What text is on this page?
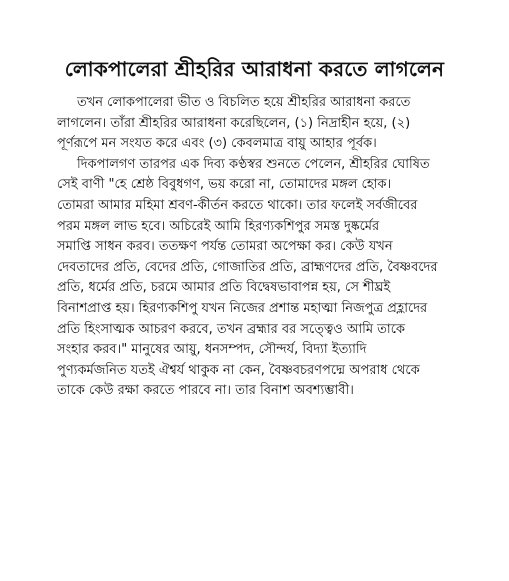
লোকপালেরা শ্রীহরির আরাধনা করতে লাগলেন
তখন লোকপালেরা ভীত ও বিচলিত হয়ে শ্রীহরির আরাধনা করতে
লাগলেন। তাঁরা শ্রীহরির আরাধনা করেছিলেন, (১) নিদ্রাহীন হয়ে, (২)
পূর্ণরূপে মন সংযত করে এবং (৩) কেবলমাত্র বায়ু আহার পূর্বক।
দিকপালগণ তারপর এক দিব্য কণ্ঠস্বর শুনতে পেলেন, শ্রীহরির ঘোষিত
সেই বাণী "হে শ্রেষ্ঠ বিবুধগণ, ভয় করো না, তোমাদের মঙ্গল হোক।
তোমরা আমার মহিমা শ্রবণ-কীর্তন করতে থাকো। তার ফলেই সর্বজীবের
পরম মঙ্গল লাভ হবে। অচিরেই আমি হিরণ্যকশিপুর সমস্ত দুষ্কর্মের
সমাপ্তি সাধন করব। ততক্ষণ পর্যন্ত তোমরা অপেক্ষা কর। কেউ যখন
দেবতাদের প্রতি, বেদের প্রতি, গোজাতির প্রতি, ব্রাহ্মণদের প্রতি, বৈষ্ণবদের
প্রতি, ধর্মের প্রতি, চরমে আমার প্রতি বিদ্বেষভাবাপন্ন হয়, সে শীঘ্রই
বিনাশপ্রাপ্ত হয়। হিরণ্যকশিপু যখন নিজের প্রশান্ত মহাত্মা নিজপুত্র প্রহ্লাদের
প্রতি হিংসাত্মক আচরণ করবে, তখন ব্রহ্মার বর সত্ত্বেও আমি তাকে
সংহার করব।" মানুষের আয়ু, ধনসম্পদ, সৌন্দর্য, বিদ্যা ইত্যাদি
পুণ্যকর্মজনিত যতই ঐশ্বর্য থাকুক না কেন, বৈষ্ণবচরণপদ্মে অপরাধ থেকে
তাকে কেউ রক্ষা করতে পারবে না। তার বিনাশ অবশ্যম্ভাবী।
